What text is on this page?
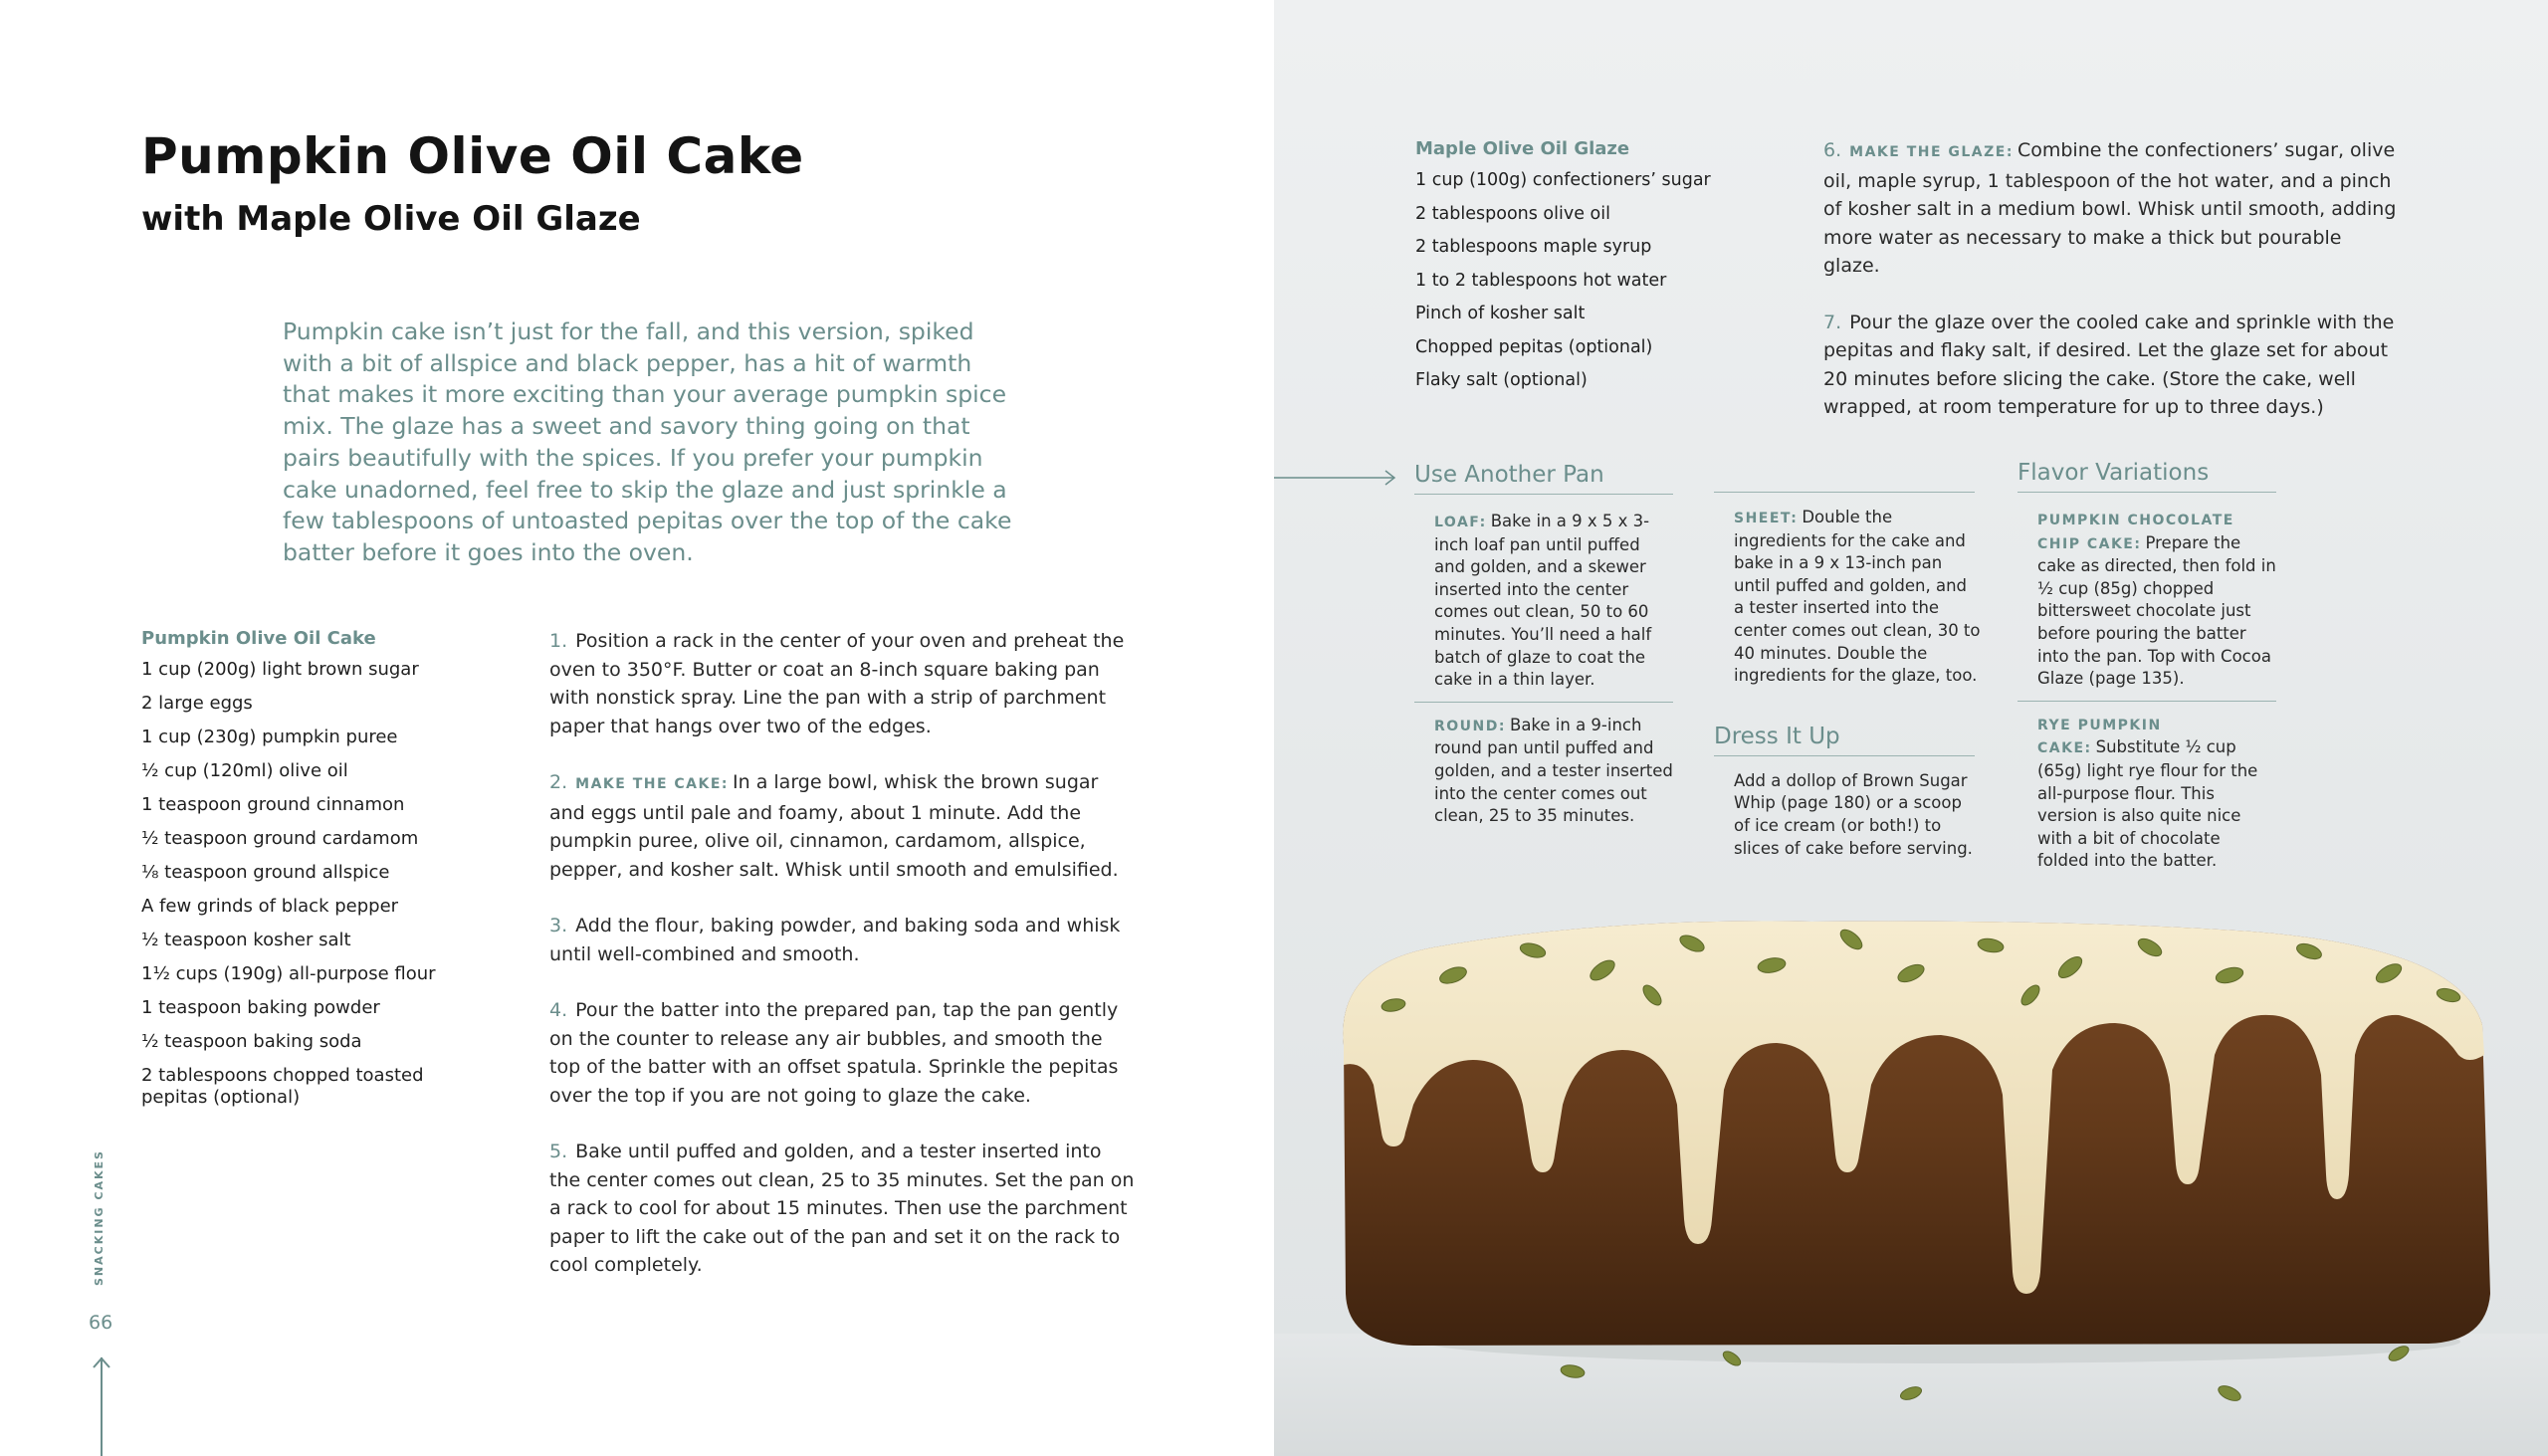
Pumpkin Olive Oil Cake
with Maple Olive Oil Glaze
Pumpkin cake isn’t just for the fall, and this version, spiked with a bit of allspice and black pepper, has a hit of warmth that makes it more exciting than your average pumpkin spice mix. The glaze has a sweet and savory thing going on that pairs beautifully with the spices. If you prefer your pumpkin cake unadorned, feel free to skip the glaze and just sprinkle a few tablespoons of untoasted pepitas over the top of the cake batter before it goes into the oven.
Pumpkin Olive Oil Cake
1 cup (200g) light brown sugar
2 large eggs
1 cup (230g) pumpkin puree
½ cup (120ml) olive oil
1 teaspoon ground cinnamon
½ teaspoon ground cardamom
⅛ teaspoon ground allspice
A few grinds of black pepper
½ teaspoon kosher salt
1½ cups (190g) all-purpose flour
1 teaspoon baking powder
½ teaspoon baking soda
2 tablespoons chopped toasted pepitas (optional)
1. Position a rack in the center of your oven and preheat the oven to 350°F. Butter or coat an 8-inch square baking pan with nonstick spray. Line the pan with a strip of parchment paper that hangs over two of the edges.
2. MAKE THE CAKE: In a large bowl, whisk the brown sugar and eggs until pale and foamy, about 1 minute. Add the pumpkin puree, olive oil, cinnamon, cardamom, allspice, pepper, and kosher salt. Whisk until smooth and emulsified.
3. Add the flour, baking powder, and baking soda and whisk until well-combined and smooth.
4. Pour the batter into the prepared pan, tap the pan gently on the counter to release any air bubbles, and smooth the top of the batter with an offset spatula. Sprinkle the pepitas over the top if you are not going to glaze the cake.
5. Bake until puffed and golden, and a tester inserted into the center comes out clean, 25 to 35 minutes. Set the pan on a rack to cool for about 15 minutes. Then use the parchment paper to lift the cake out of the pan and set it on the rack to cool completely.
SNACKING CAKES
66
Maple Olive Oil Glaze
1 cup (100g) confectioners’ sugar
2 tablespoons olive oil
2 tablespoons maple syrup
1 to 2 tablespoons hot water
Pinch of kosher salt
Chopped pepitas (optional)
Flaky salt (optional)
6. MAKE THE GLAZE: Combine the confectioners’ sugar, olive oil, maple syrup, 1 tablespoon of the hot water, and a pinch of kosher salt in a medium bowl. Whisk until smooth, adding more water as necessary to make a thick but pourable glaze.
7. Pour the glaze over the cooled cake and sprinkle with the pepitas and flaky salt, if desired. Let the glaze set for about 20 minutes before slicing the cake. (Store the cake, well wrapped, at room temperature for up to three days.)
Use Another Pan
LOAF: Bake in a 9 x 5 x 3-inch loaf pan until puffed and golden, and a skewer inserted into the center comes out clean, 50 to 60 minutes. You’ll need a half batch of glaze to coat the cake in a thin layer.
ROUND: Bake in a 9-inch round pan until puffed and golden, and a tester inserted into the center comes out clean, 25 to 35 minutes.
SHEET: Double the ingredients for the cake and bake in a 9 x 13-inch pan until puffed and golden, and a tester inserted into the center comes out clean, 30 to 40 minutes. Double the ingredients for the glaze, too.
Dress It Up
Add a dollop of Brown Sugar Whip (page 180) or a scoop of ice cream (or both!) to slices of cake before serving.
Flavor Variations
PUMPKIN CHOCOLATE CHIP CAKE: Prepare the cake as directed, then fold in ½ cup (85g) chopped bittersweet chocolate just before pouring the batter into the pan. Top with Cocoa Glaze (page 135).
RYE PUMPKIN CAKE: Substitute ½ cup (65g) light rye flour for the all-purpose flour. This version is also quite nice with a bit of chocolate folded into the batter.
